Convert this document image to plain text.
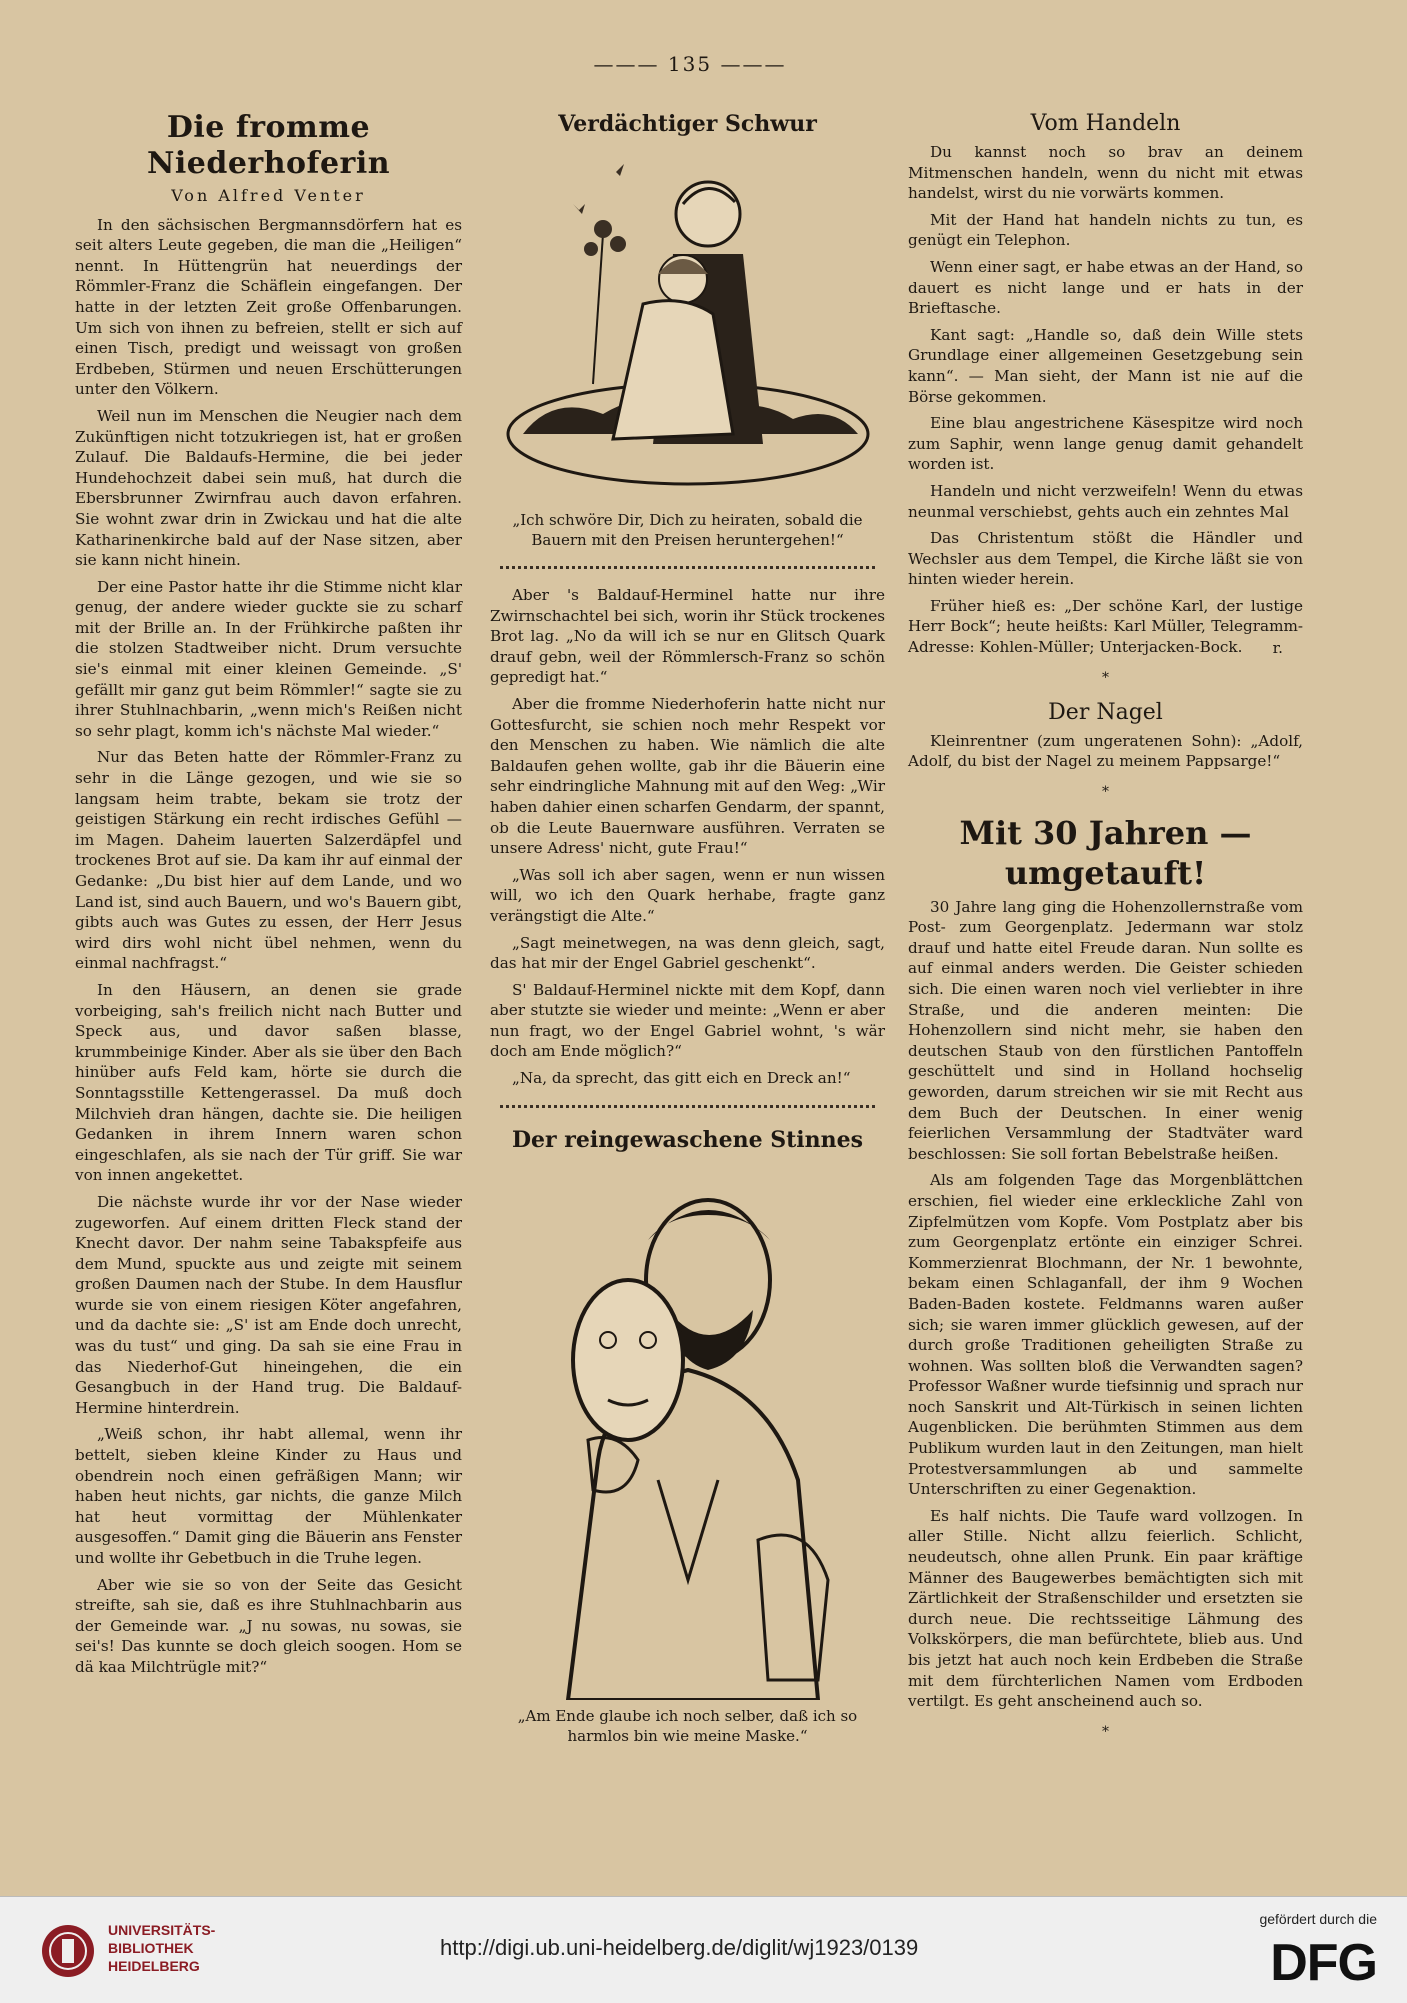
——— 135 ———
Die fromme Niederhoferin
Von Alfred Venter

In den sächsischen Bergmannsdörfern hat es seit alters Leute gegeben, die man die „Heiligen“ nennt. In Hüttengrün hat neuerdings der Römmler-Franz die Schäflein eingefangen. Der hatte in der letzten Zeit große Offenbarungen. Um sich von ihnen zu befreien, stellt er sich auf einen Tisch, predigt und weissagt von großen Erdbeben, Stürmen und neuen Erschütterungen unter den Völkern.

Weil nun im Menschen die Neugier nach dem Zukünftigen nicht totzukriegen ist, hat er großen Zulauf. Die Baldaufs-Hermine, die bei jeder Hundehochzeit dabei sein muß, hat durch die Ebersbrunner Zwirnfrau auch davon erfahren. Sie wohnt zwar drin in Zwickau und hat die alte Katharinenkirche bald auf der Nase sitzen, aber sie kann nicht hinein.

Der eine Pastor hatte ihr die Stimme nicht klar genug, der andere wieder guckte sie zu scharf mit der Brille an. In der Frühkirche paßten ihr die stolzen Stadtweiber nicht. Drum versuchte sie's einmal mit einer kleinen Gemeinde. „S' gefällt mir ganz gut beim Römmler!“ sagte sie zu ihrer Stuhlnachbarin, „wenn mich's Reißen nicht so sehr plagt, komm ich's nächste Mal wieder.“

Nur das Beten hatte der Römmler-Franz zu sehr in die Länge gezogen, und wie sie so langsam heim trabte, bekam sie trotz der geistigen Stärkung ein recht irdisches Gefühl — im Magen. Daheim lauerten Salzerdäpfel und trockenes Brot auf sie. Da kam ihr auf einmal der Gedanke: „Du bist hier auf dem Lande, und wo Land ist, sind auch Bauern, und wo's Bauern gibt, gibts auch was Gutes zu essen, der Herr Jesus wird dirs wohl nicht übel nehmen, wenn du einmal nachfragst.“

In den Häusern, an denen sie grade vorbeiging, sah's freilich nicht nach Butter und Speck aus, und davor saßen blasse, krummbeinige Kinder. Aber als sie über den Bach hinüber aufs Feld kam, hörte sie durch die Sonntagsstille Kettengerassel. Da muß doch Milchvieh dran hängen, dachte sie. Die heiligen Gedanken in ihrem Innern waren schon eingeschlafen, als sie nach der Tür griff. Sie war von innen angekettet.

Die nächste wurde ihr vor der Nase wieder zugeworfen. Auf einem dritten Fleck stand der Knecht davor. Der nahm seine Tabakspfeife aus dem Mund, spuckte aus und zeigte mit seinem großen Daumen nach der Stube. In dem Hausflur wurde sie von einem riesigen Köter angefahren, und da dachte sie: „S' ist am Ende doch unrecht, was du tust“ und ging. Da sah sie eine Frau in das Niederhof-Gut hineingehen, die ein Gesangbuch in der Hand trug. Die Baldauf-Hermine hinterdrein.

„Weiß schon, ihr habt allemal, wenn ihr bettelt, sieben kleine Kinder zu Haus und obendrein noch einen gefräßigen Mann; wir haben heut nichts, gar nichts, die ganze Milch hat heut vormittag der Mühlenkater ausgesoffen.“ Damit ging die Bäuerin ans Fenster und wollte ihr Gebetbuch in die Truhe legen.

Aber wie sie so von der Seite das Gesicht streifte, sah sie, daß es ihre Stuhlnachbarin aus der Gemeinde war. „J nu sowas, nu sowas, sie sei's! Das kunnte se doch gleich soogen. Hom se dä kaa Milchtrügle mit?“

Verdächtiger Schwur
„Ich schwöre Dir, Dich zu heiraten, sobald die Bauern mit den Preisen heruntergehen!“

Aber 's Baldauf-Herminel hatte nur ihre Zwirnschachtel bei sich, worin ihr Stück trockenes Brot lag. „No da will ich se nur en Glitsch Quark drauf gebn, weil der Römmlersch-Franz so schön gepredigt hat.“

Aber die fromme Niederhoferin hatte nicht nur Gottesfurcht, sie schien noch mehr Respekt vor den Menschen zu haben. Wie nämlich die alte Baldaufen gehen wollte, gab ihr die Bäuerin eine sehr eindringliche Mahnung mit auf den Weg: „Wir haben dahier einen scharfen Gendarm, der spannt, ob die Leute Bauernware ausführen. Verraten se unsere Adress' nicht, gute Frau!“

„Was soll ich aber sagen, wenn er nun wissen will, wo ich den Quark herhabe, fragte ganz verängstigt die Alte.“

„Sagt meinetwegen, na was denn gleich, sagt, das hat mir der Engel Gabriel geschenkt“.

S' Baldauf-Herminel nickte mit dem Kopf, dann aber stutzte sie wieder und meinte: „Wenn er aber nun fragt, wo der Engel Gabriel wohnt, 's wär doch am Ende möglich?“

„Na, da sprecht, das gitt eich en Dreck an!“

Der reingewaschene Stinnes
„Am Ende glaube ich noch selber, daß ich so harmlos bin wie meine Maske.“
Vom Handeln

Du kannst noch so brav an deinem Mitmenschen handeln, wenn du nicht mit etwas handelst, wirst du nie vorwärts kommen.

Mit der Hand hat handeln nichts zu tun, es genügt ein Telephon.

Wenn einer sagt, er habe etwas an der Hand, so dauert es nicht lange und er hats in der Brieftasche.

Kant sagt: „Handle so, daß dein Wille stets Grundlage einer allgemeinen Gesetzgebung sein kann“. — Man sieht, der Mann ist nie auf die Börse gekommen.

Eine blau angestrichene Käsespitze wird noch zum Saphir, wenn lange genug damit gehandelt worden ist.

Handeln und nicht verzweifeln! Wenn du etwas neunmal verschiebst, gehts auch ein zehntes Mal

Das Christentum stößt die Händler und Wechsler aus dem Tempel, die Kirche läßt sie von hinten wieder herein.

Früher hieß es: „Der schöne Karl, der lustige Herr Bock“; heute heißts: Karl Müller, Telegramm-Adresse: Kohlen-Müller; Unterjacken-Bock.	r.
*
Der Nagel

Kleinrentner (zum ungeratenen Sohn): „Adolf, Adolf, du bist der Nagel zu meinem Pappsarge!“

*
Mit 30 Jahren — umgetauft!

30 Jahre lang ging die Hohenzollernstraße vom Post- zum Georgenplatz. Jedermann war stolz drauf und hatte eitel Freude daran. Nun sollte es auf einmal anders werden. Die Geister schieden sich. Die einen waren noch viel verliebter in ihre Straße, und die anderen meinten: Die Hohenzollern sind nicht mehr, sie haben den deutschen Staub von den fürstlichen Pantoffeln geschüttelt und sind in Holland hochselig geworden, darum streichen wir sie mit Recht aus dem Buch der Deutschen. In einer wenig feierlichen Versammlung der Stadtväter ward beschlossen: Sie soll fortan Bebelstraße heißen.

Als am folgenden Tage das Morgenblättchen erschien, fiel wieder eine erkleckliche Zahl von Zipfelmützen vom Kopfe. Vom Postplatz aber bis zum Georgenplatz ertönte ein einziger Schrei. Kommerzienrat Blochmann, der Nr. 1 bewohnte, bekam einen Schlaganfall, der ihm 9 Wochen Baden-Baden kostete. Feldmanns waren außer sich; sie waren immer glücklich gewesen, auf der durch große Traditionen geheiligten Straße zu wohnen. Was sollten bloß die Verwandten sagen? Professor Waßner wurde tiefsinnig und sprach nur noch Sanskrit und Alt-Türkisch in seinen lichten Augenblicken. Die berühmten Stimmen aus dem Publikum wurden laut in den Zeitungen, man hielt Protestversammlungen ab und sammelte Unterschriften zu einer Gegenaktion.

Es half nichts. Die Taufe ward vollzogen. In aller Stille. Nicht allzu feierlich. Schlicht, neudeutsch, ohne allen Prunk. Ein paar kräftige Männer des Baugewerbes bemächtigten sich mit Zärtlichkeit der Straßenschilder und ersetzten sie durch neue. Die rechtsseitige Lähmung des Volkskörpers, die man befürchtete, blieb aus. Und bis jetzt hat auch noch kein Erdbeben die Straße mit dem fürchterlichen Namen vom Erdboden vertilgt. Es geht anscheinend auch so.

*
UNIVERSITÄTS-
BIBLIOTHEK
HEIDELBERG
http://digi.ub.uni-heidelberg.de/diglit/wj1923/0139
gefördert durch die
DFG
